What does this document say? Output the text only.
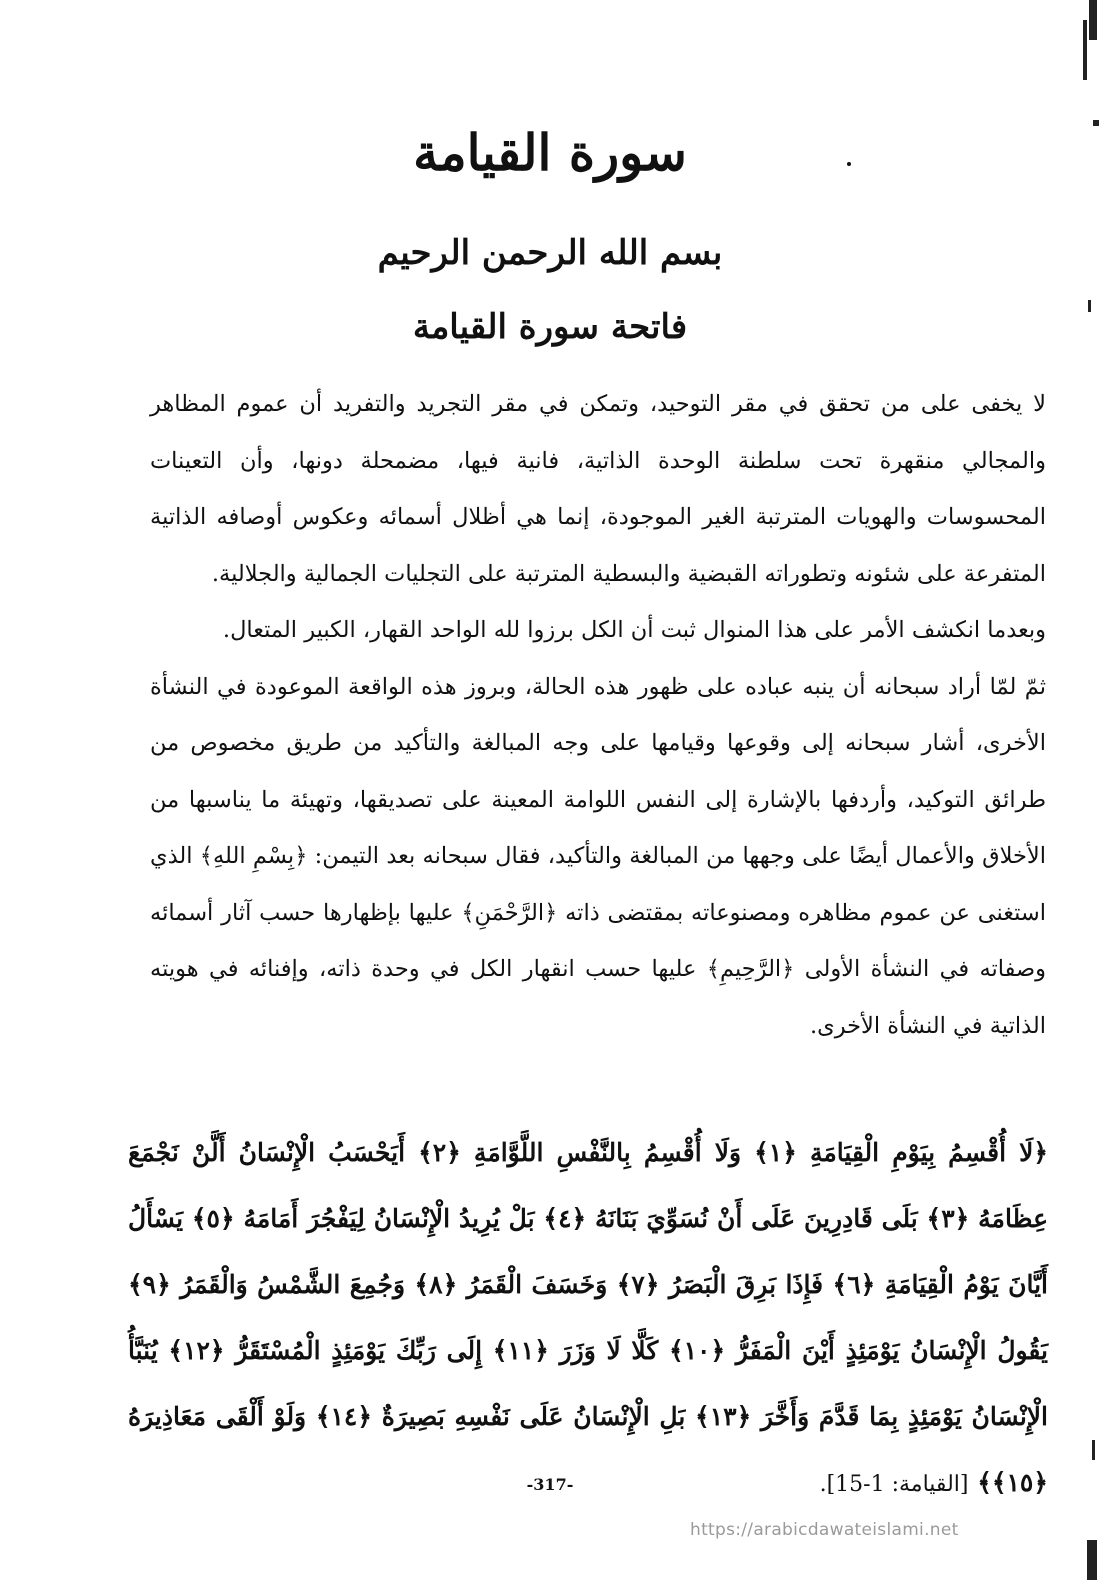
سورة القيامة
بسم الله الرحمن الرحيم
فاتحة سورة القيامة

لا يخفى على من تحقق في مقر التوحيد، وتمكن في مقر التجريد والتفريد أن عموم المظاهر والمجالي منقهرة تحت سلطنة الوحدة الذاتية، فانية فيها، مضمحلة دونها، وأن التعينات المحسوسات والهويات المترتبة الغير الموجودة، إنما هي أظلال أسمائه وعكوس أوصافه الذاتية المتفرعة على شئونه وتطوراته القبضية والبسطية المترتبة على التجليات الجمالية والجلالية.

وبعدما انكشف الأمر على هذا المنوال ثبت أن الكل برزوا لله الواحد القهار، الكبير المتعال.

ثمّ لمّا أراد سبحانه أن ينبه عباده على ظهور هذه الحالة، وبروز هذه الواقعة الموعودة في النشأة الأخرى، أشار سبحانه إلى وقوعها وقيامها على وجه المبالغة والتأكيد من طريق مخصوص من طرائق التوكيد، وأردفها بالإشارة إلى النفس اللوامة المعينة على تصديقها، وتهيئة ما يناسبها من الأخلاق والأعمال أيضًا على وجهها من المبالغة والتأكيد، فقال سبحانه بعد التيمن: ﴿بِسْمِ اللهِ﴾ الذي استغنى عن عموم مظاهره ومصنوعاته بمقتضى ذاته ﴿الرَّحْمَنِ﴾ عليها بإظهارها حسب آثار أسمائه وصفاته في النشأة الأولى ﴿الرَّحِيمِ﴾ عليها حسب انقهار الكل في وحدة ذاته، وإفنائه في هويته الذاتية في النشأة الأخرى.

﴿لَا أُقْسِمُ بِيَوْمِ الْقِيَامَةِ ﴿١﴾ وَلَا أُقْسِمُ بِالنَّفْسِ اللَّوَّامَةِ ﴿٢﴾ أَيَحْسَبُ الْإِنْسَانُ أَلَّنْ نَجْمَعَ عِظَامَهُ ﴿٣﴾ بَلَى قَادِرِينَ عَلَى أَنْ نُسَوِّيَ بَنَانَهُ ﴿٤﴾ بَلْ يُرِيدُ الْإِنْسَانُ لِيَفْجُرَ أَمَامَهُ ﴿٥﴾ يَسْأَلُ أَيَّانَ يَوْمُ الْقِيَامَةِ ﴿٦﴾ فَإِذَا بَرِقَ الْبَصَرُ ﴿٧﴾ وَخَسَفَ الْقَمَرُ ﴿٨﴾ وَجُمِعَ الشَّمْسُ وَالْقَمَرُ ﴿٩﴾ يَقُولُ الْإِنْسَانُ يَوْمَئِذٍ أَيْنَ الْمَفَرُّ ﴿١٠﴾ كَلَّا لَا وَزَرَ ﴿١١﴾ إِلَى رَبِّكَ يَوْمَئِذٍ الْمُسْتَقَرُّ ﴿١٢﴾ يُنَبَّأُ الْإِنْسَانُ يَوْمَئِذٍ بِمَا قَدَّمَ وَأَخَّرَ ﴿١٣﴾ بَلِ الْإِنْسَانُ عَلَى نَفْسِهِ بَصِيرَةٌ ﴿١٤﴾ وَلَوْ أَلْقَى مَعَاذِيرَهُ ﴿١٥﴾﴾ [القيامة: 1-15].
-317-
https://arabicdawateislami.net
